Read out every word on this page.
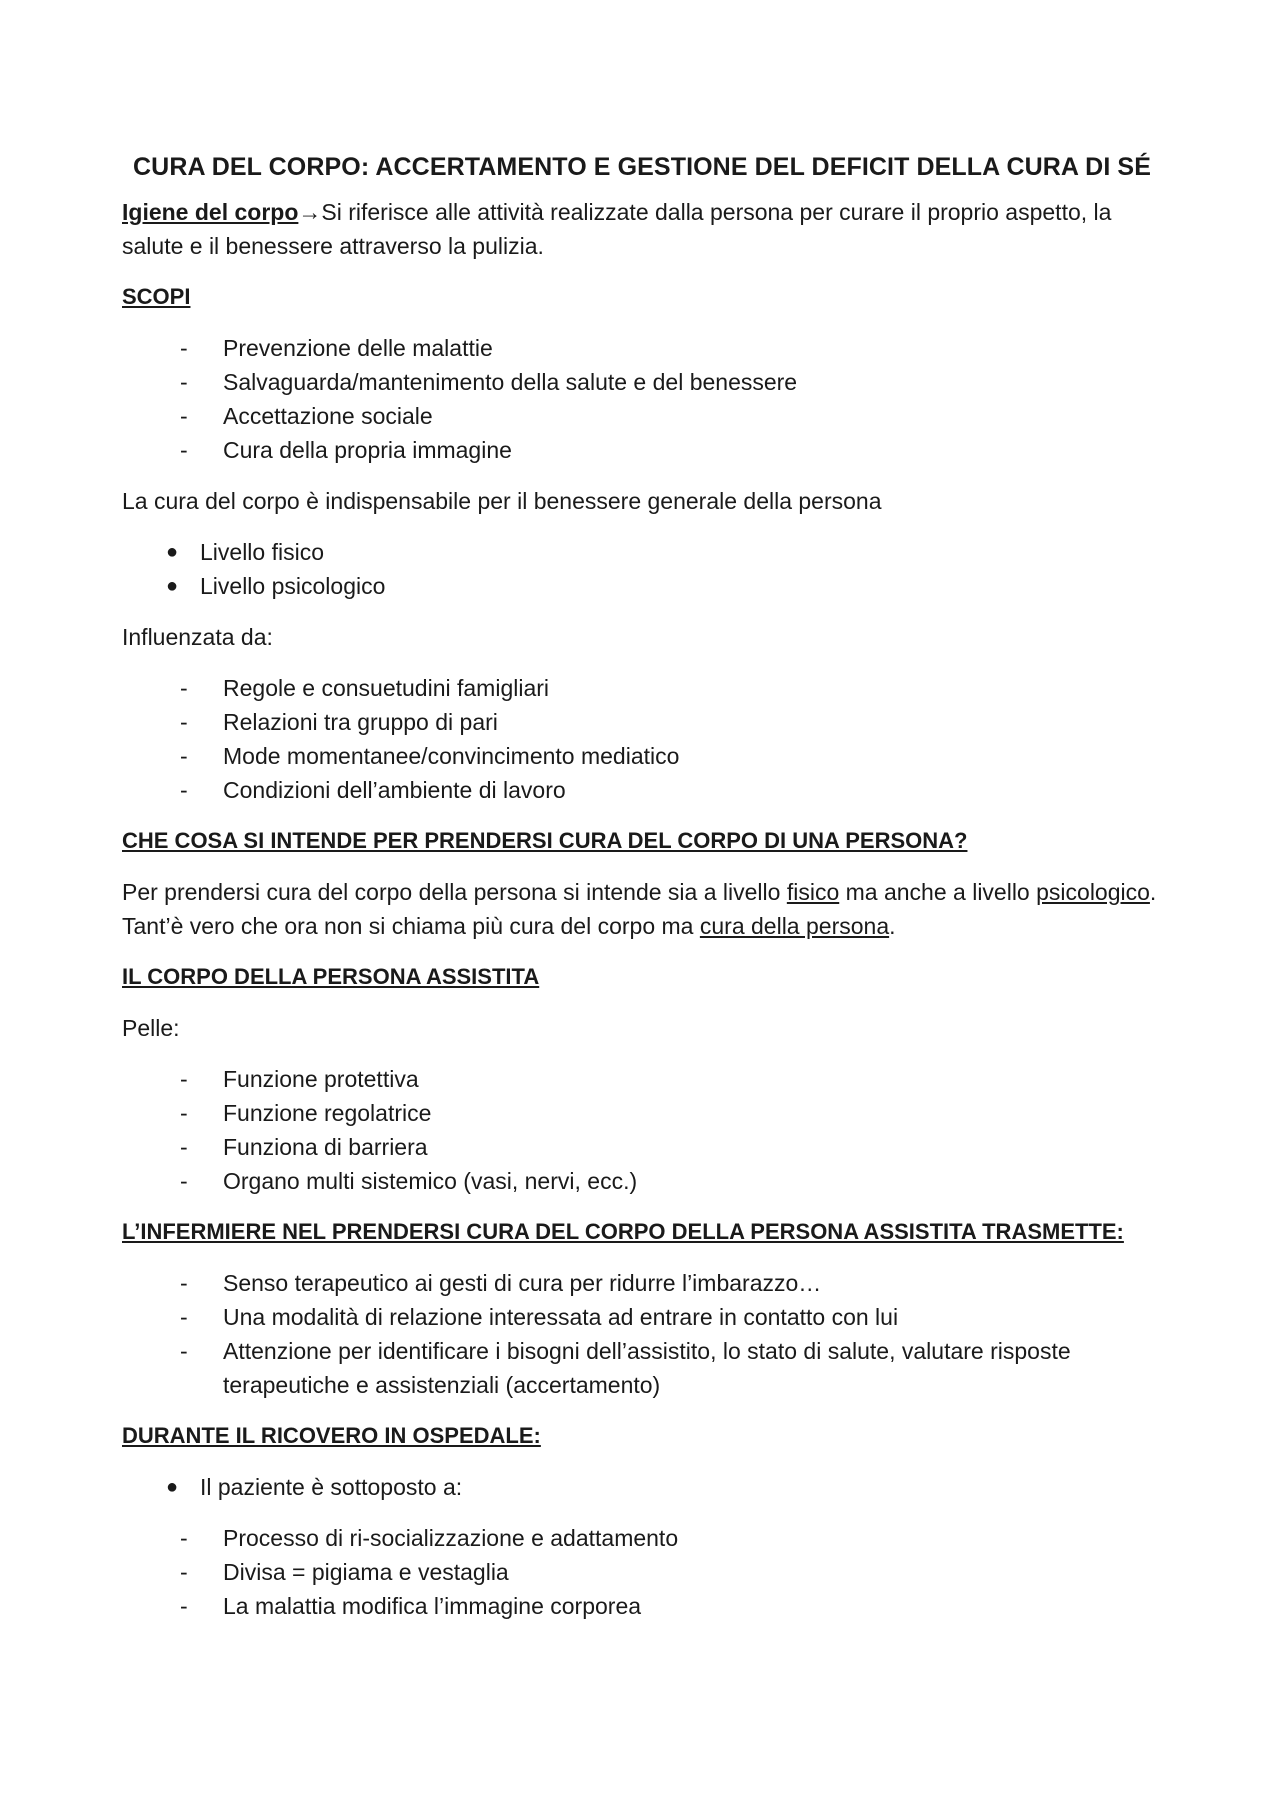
CURA DEL CORPO: ACCERTAMENTO E GESTIONE DEL DEFICIT DELLA CURA DI SÉ

Igiene del corpo→Si riferisce alle attività realizzate dalla persona per curare il proprio aspetto, la salute e il benessere attraverso la pulizia.

SCOPI
- Prevenzione delle malattie
- Salvaguarda/mantenimento della salute e del benessere
- Accettazione sociale
- Cura della propria immagine

La cura del corpo è indispensabile per il benessere generale della persona

● Livello fisico
● Livello psicologico

Influenzata da:

- Regole e consuetudini famigliari
- Relazioni tra gruppo di pari
- Mode momentanee/convincimento mediatico
- Condizioni dell’ambiente di lavoro
CHE COSA SI INTENDE PER PRENDERSI CURA DEL CORPO DI UNA PERSONA?

Per prendersi cura del corpo della persona si intende sia a livello fisico ma anche a livello psicologico. Tant’è vero che ora non si chiama più cura del corpo ma cura della persona.

IL CORPO DELLA PERSONA ASSISTITA

Pelle:

- Funzione protettiva
- Funzione regolatrice
- Funziona di barriera
- Organo multi sistemico (vasi, nervi, ecc.)
L’INFERMIERE NEL PRENDERSI CURA DEL CORPO DELLA PERSONA ASSISTITA TRASMETTE:
- Senso terapeutico ai gesti di cura per ridurre l’imbarazzo…
- Una modalità di relazione interessata ad entrare in contatto con lui
- Attenzione per identificare i bisogni dell’assistito, lo stato di salute, valutare risposte terapeutiche e assistenziali (accertamento)
DURANTE IL RICOVERO IN OSPEDALE:
● Il paziente è sottoposto a:
- Processo di ri-socializzazione e adattamento
- Divisa = pigiama e vestaglia
- La malattia modifica l’immagine corporea
